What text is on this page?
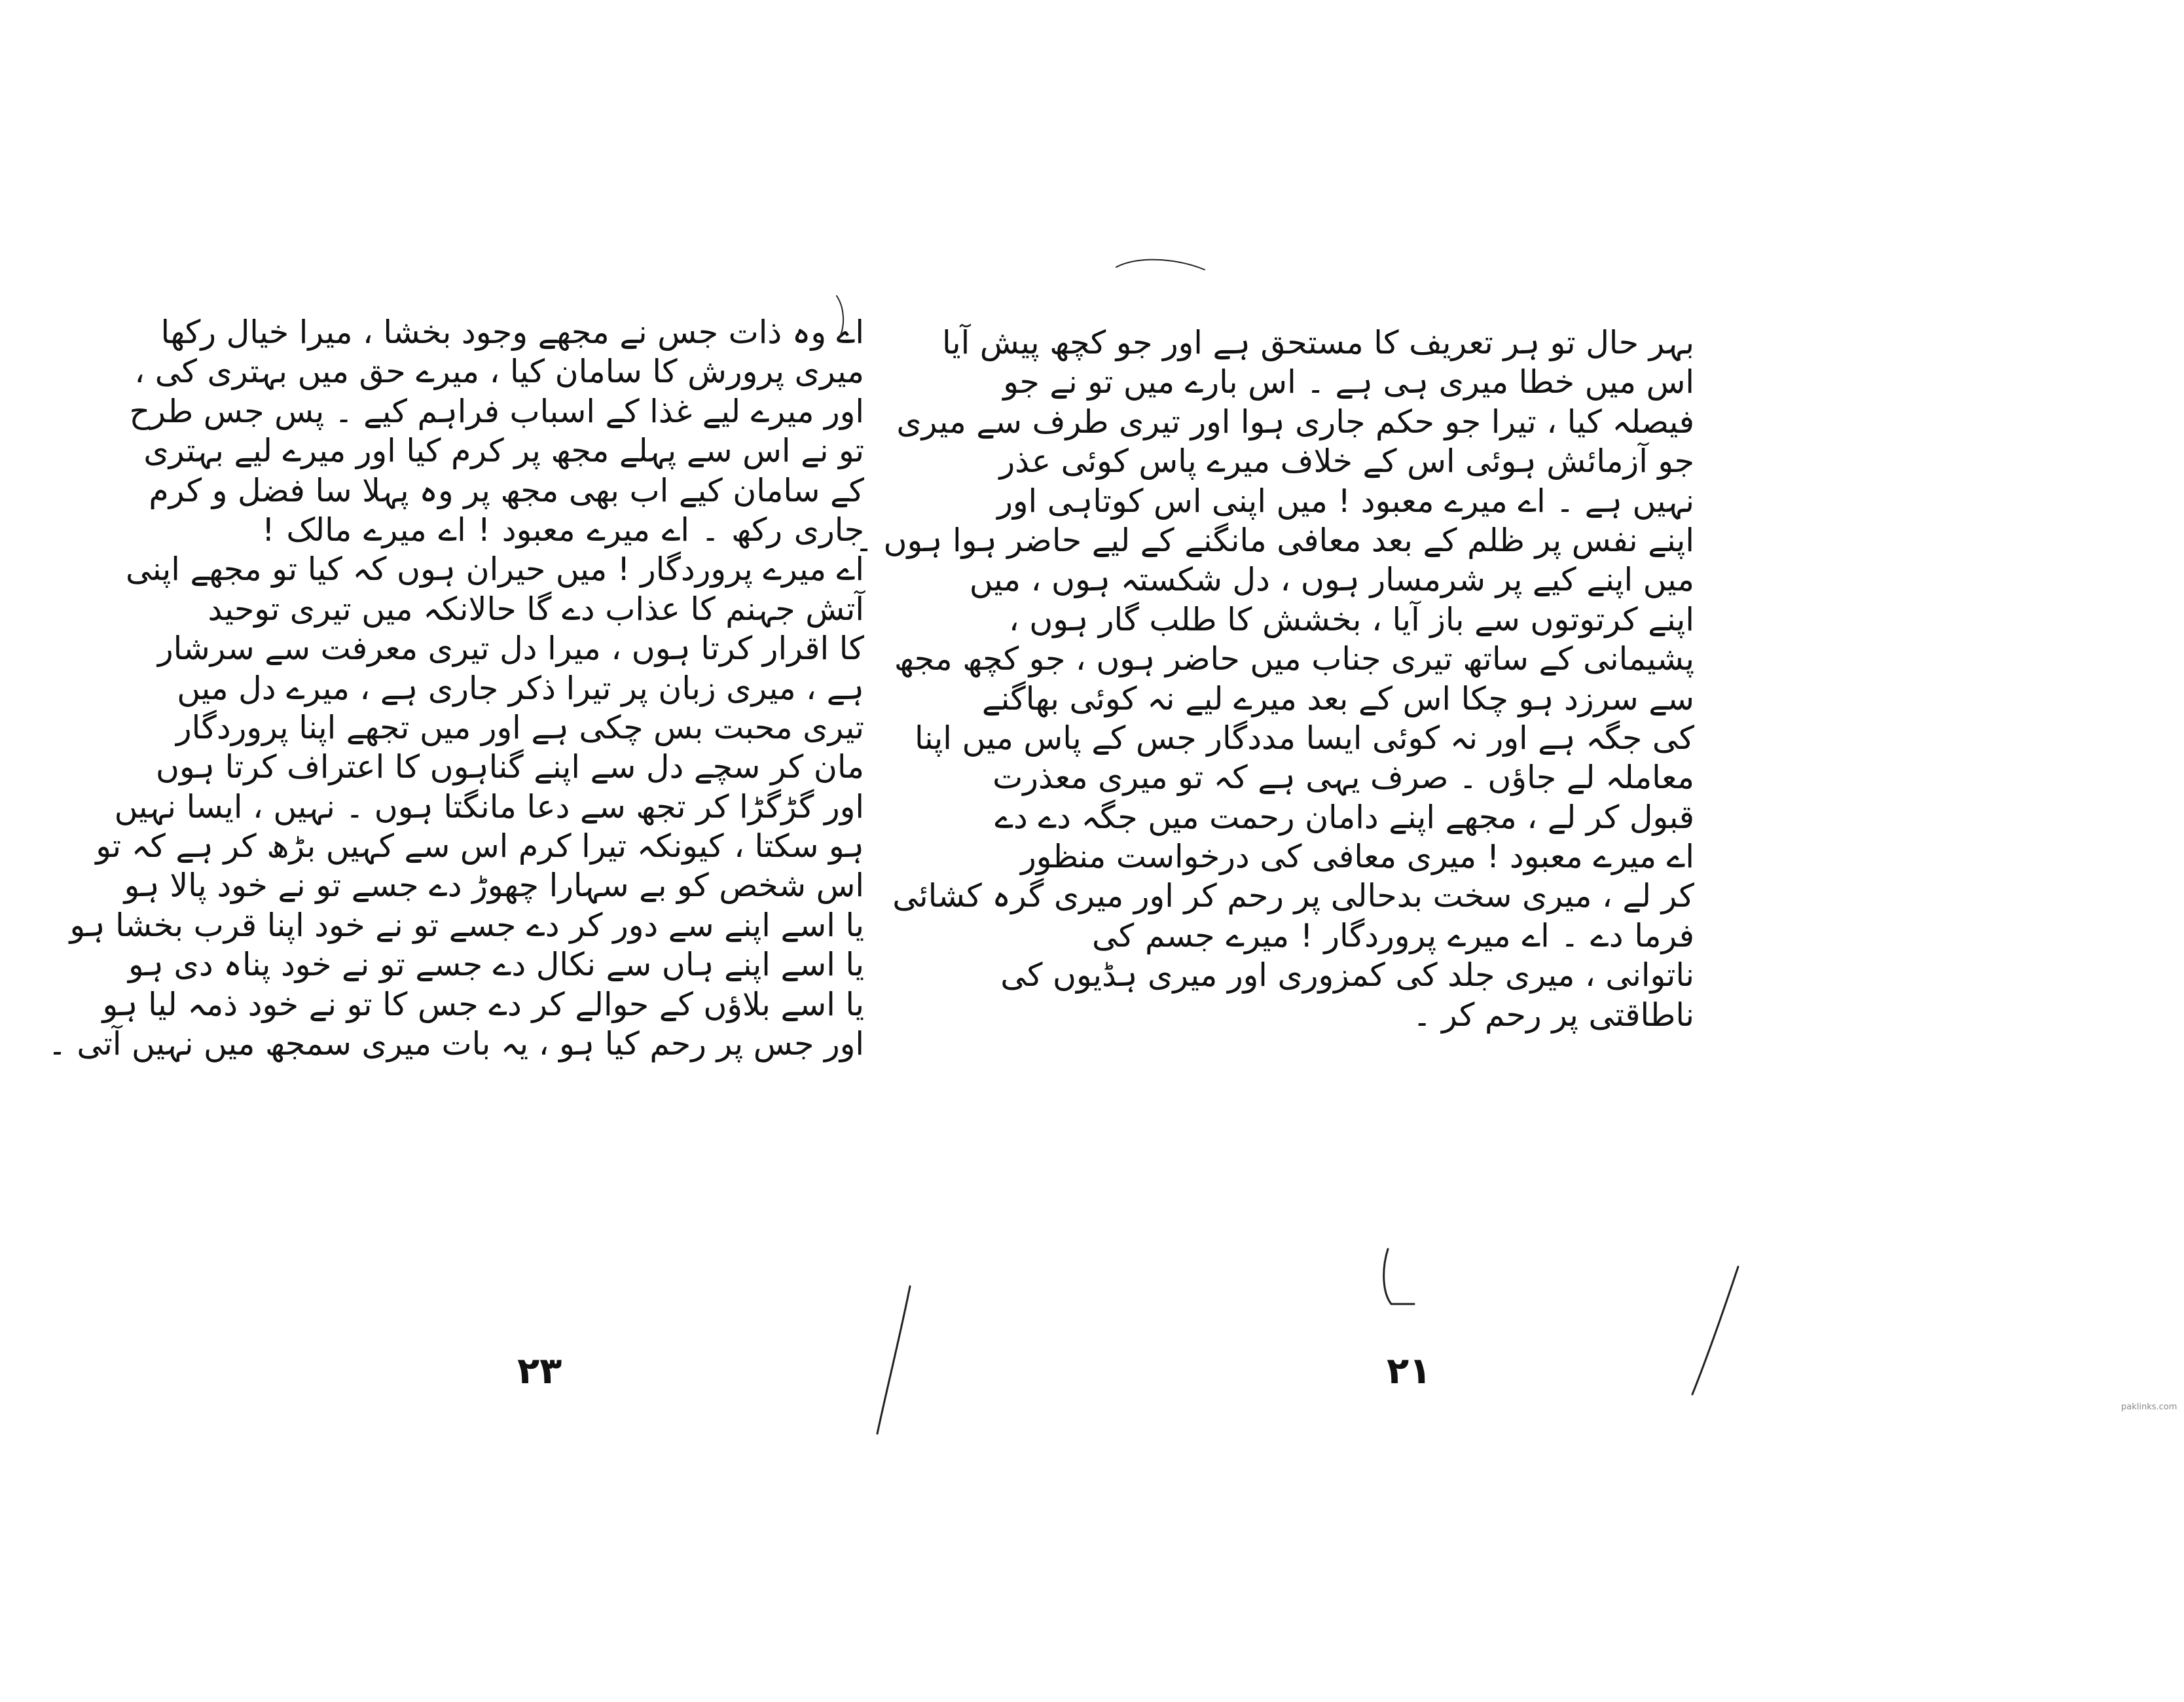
اے وہ ذات جس نے مجھے وجود بخشا ، میرا خیال رکھا
میری پرورش کا سامان کیا ، میرے حق میں بہتری کی ،
اور میرے لیے غذا کے اسباب فراہم کیے ۔ پس جس طرح
تو نے اس سے پہلے مجھ پر کرم کیا اور میرے لیے بہتری
کے سامان کیے اب بھی مجھ پر وہ پہلا سا فضل و کرم
جاری رکھ ۔ اے میرے معبود ! اے میرے مالک !
اے میرے پروردگار ! میں حیران ہوں کہ کیا تو مجھے اپنی
آتش جہنم کا عذاب دے گا حالانکہ میں تیری توحید
کا اقرار کرتا ہوں ، میرا دل تیری معرفت سے سرشار
ہے ، میری زبان پر تیرا ذکر جاری ہے ، میرے دل میں
تیری محبت بس چکی ہے اور میں تجھے اپنا پروردگار
مان کر سچے دل سے اپنے گناہوں کا اعتراف کرتا ہوں
اور گڑگڑا کر تجھ سے دعا مانگتا ہوں ۔ نہیں ، ایسا نہیں
ہو سکتا ، کیونکہ تیرا کرم اس سے کہیں بڑھ کر ہے کہ تو
اس شخص کو بے سہارا چھوڑ دے جسے تو نے خود پالا ہو
یا اسے اپنے سے دور کر دے جسے تو نے خود اپنا قرب بخشا ہو
یا اسے اپنے ہاں سے نکال دے جسے تو نے خود پناہ دی ہو
یا اسے بلاؤں کے حوالے کر دے جس کا تو نے خود ذمہ لیا ہو
اور جس پر رحم کیا ہو ، یہ بات میری سمجھ میں نہیں آتی ۔
۲۳
بہر حال تو ہر تعریف کا مستحق ہے اور جو کچھ پیش آیا
اس میں خطا میری ہی ہے ۔ اس بارے میں تو نے جو
فیصلہ کیا ، تیرا جو حکم جاری ہوا اور تیری طرف سے میری
جو آزمائش ہوئی اس کے خلاف میرے پاس کوئی عذر
نہیں ہے ۔ اے میرے معبود ! میں اپنی اس کوتاہی اور
اپنے نفس پر ظلم کے بعد معافی مانگنے کے لیے حاضر ہوا ہوں ۔
میں اپنے کیے پر شرمسار ہوں ، دل شکستہ ہوں ، میں
اپنے کرتوتوں سے باز آیا ، بخشش کا طلب گار ہوں ،
پشیمانی کے ساتھ تیری جناب میں حاضر ہوں ، جو کچھ مجھ
سے سرزد ہو چکا اس کے بعد میرے لیے نہ کوئی بھاگنے
کی جگہ ہے اور نہ کوئی ایسا مددگار جس کے پاس میں اپنا
معاملہ لے جاؤں ۔ صرف یہی ہے کہ تو میری معذرت
قبول کر لے ، مجھے اپنے دامان رحمت میں جگہ دے دے
اے میرے معبود ! میری معافی کی درخواست منظور
کر لے ، میری سخت بدحالی پر رحم کر اور میری گرہ کشائی
فرما دے ۔ اے میرے پروردگار ! میرے جسم کی
ناتوانی ، میری جلد کی کمزوری اور میری ہڈیوں کی
ناطاقتی پر رحم کر ۔
۲۱
paklinks.com
